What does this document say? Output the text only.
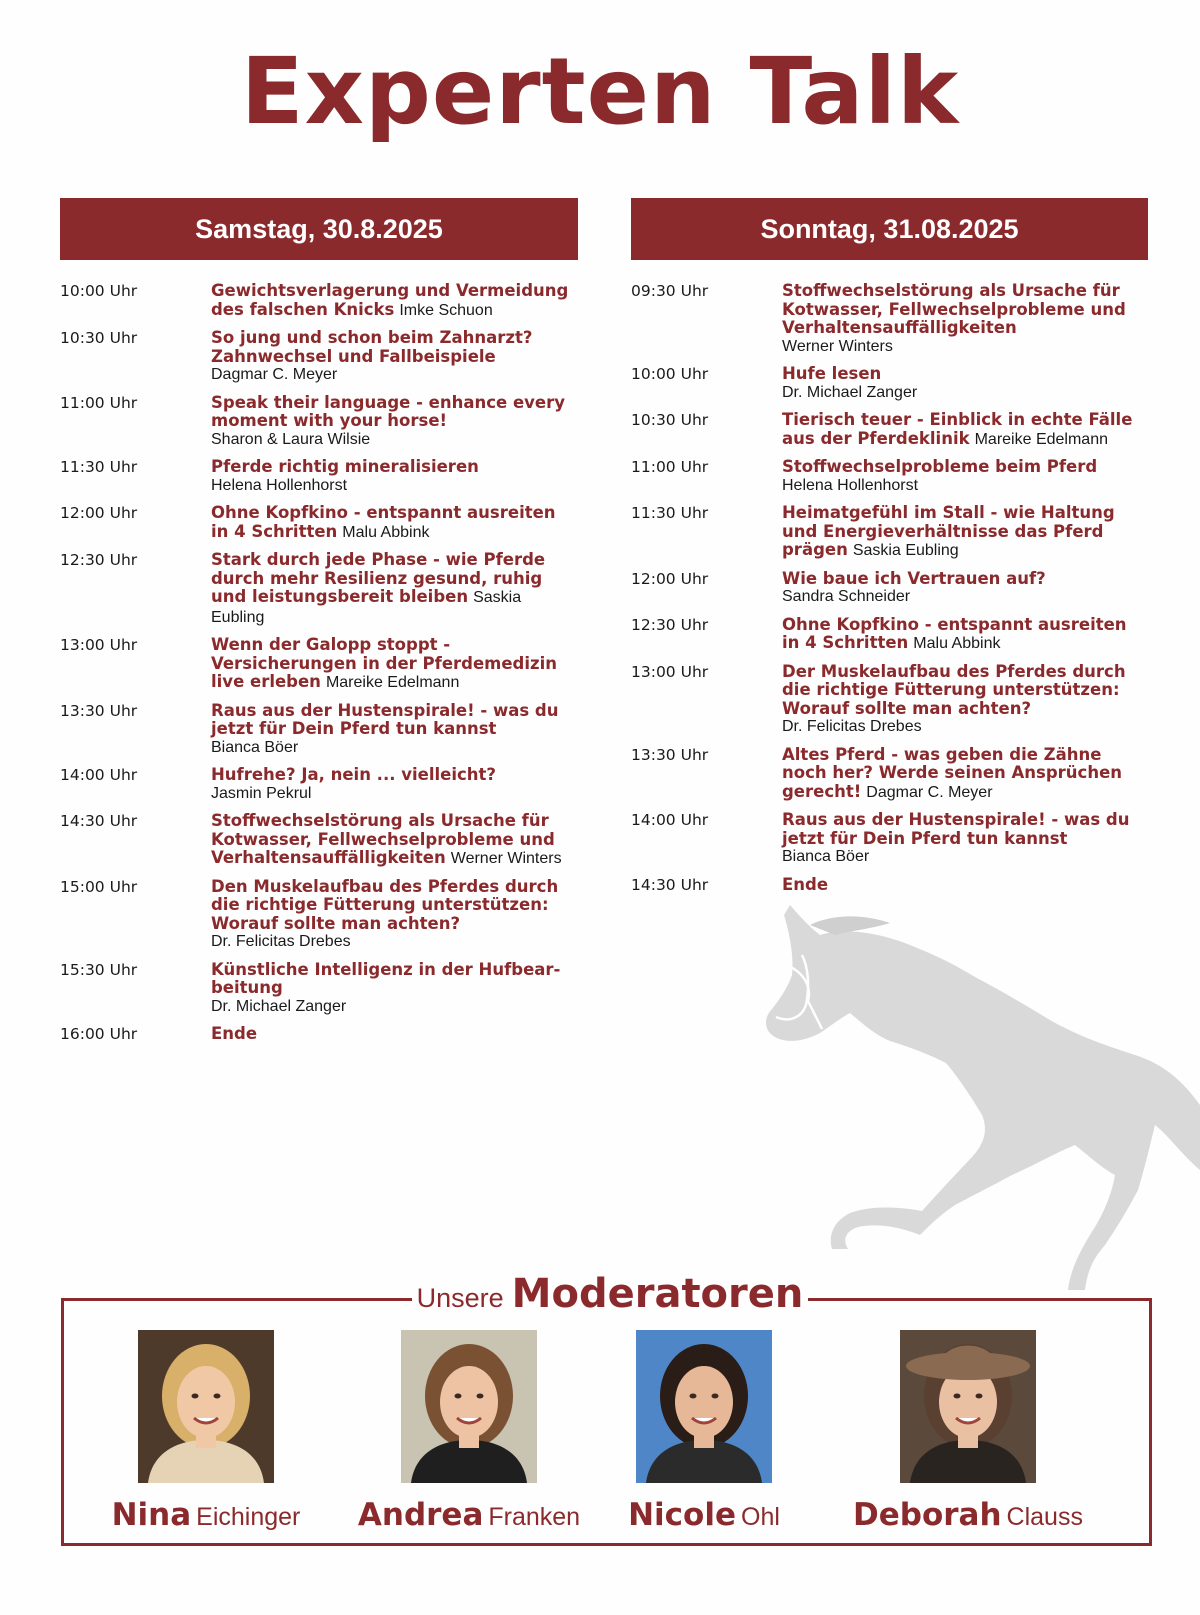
Experten Talk
Samstag, 30.8.2025
10:00 Uhr	Gewichtsverlagerung und Vermeidung des falschen Knicks Imke Schuon
10:30 Uhr	So jung und schon beim Zahnarzt? Zahnwechsel und Fallbeispiele
Dagmar C. Meyer
11:00 Uhr	Speak their language - enhance every moment with your horse!
Sharon & Laura Wilsie
11:30 Uhr	Pferde richtig mineralisieren
Helena Hollenhorst
12:00 Uhr	Ohne Kopfkino - entspannt ausreiten in 4 Schritten Malu Abbink
12:30 Uhr	Stark durch jede Phase - wie Pferde durch mehr Resilienz gesund, ruhig und leistungsbereit bleiben Saskia Eubling
13:00 Uhr	Wenn der Galopp stoppt - Versicherungen in der Pferdemedizin live erleben Mareike Edelmann
13:30 Uhr	Raus aus der Hustenspirale! - was du jetzt für Dein Pferd tun kannst
Bianca Böer
14:00 Uhr	Hufrehe? Ja, nein ... vielleicht?
Jasmin Pekrul
14:30 Uhr	Stoffwechselstörung als Ursache für Kotwasser, Fellwechselprobleme und Verhaltensauffälligkeiten Werner Winters
15:00 Uhr	Den Muskelaufbau des Pferdes durch die richtige Fütterung unterstützen: Worauf sollte man achten?
Dr. Felicitas Drebes
15:30 Uhr	Künstliche Intelligenz in der Hufbear-beitung
Dr. Michael Zanger
16:00 Uhr	Ende
Sonntag, 31.08.2025
09:30 Uhr	Stoffwechselstörung als Ursache für Kotwasser, Fellwechselprobleme und Verhaltensauffälligkeiten
Werner Winters
10:00 Uhr	Hufe lesen
Dr. Michael Zanger
10:30 Uhr	Tierisch teuer - Einblick in echte Fälle aus der Pferdeklinik Mareike Edelmann
11:00 Uhr	Stoffwechselprobleme beim Pferd
Helena Hollenhorst
11:30 Uhr	Heimatgefühl im Stall - wie Haltung und Energieverhältnisse das Pferd prägen Saskia Eubling
12:00 Uhr	Wie baue ich Vertrauen auf?
Sandra Schneider
12:30 Uhr	Ohne Kopfkino - entspannt ausreiten in 4 Schritten Malu Abbink
13:00 Uhr	Der Muskelaufbau des Pferdes durch die richtige Fütterung unterstützen: Worauf sollte man achten?
Dr. Felicitas Drebes
13:30 Uhr	Altes Pferd - was geben die Zähne noch her? Werde seinen Ansprüchen gerecht! Dagmar C. Meyer
14:00 Uhr	Raus aus der Hustenspirale! - was du jetzt für Dein Pferd tun kannst
Bianca Böer
14:30 Uhr	Ende
Unsere Moderatoren
Nina Eichinger	Andrea Franken	Nicole Ohl	Deborah Clauss
